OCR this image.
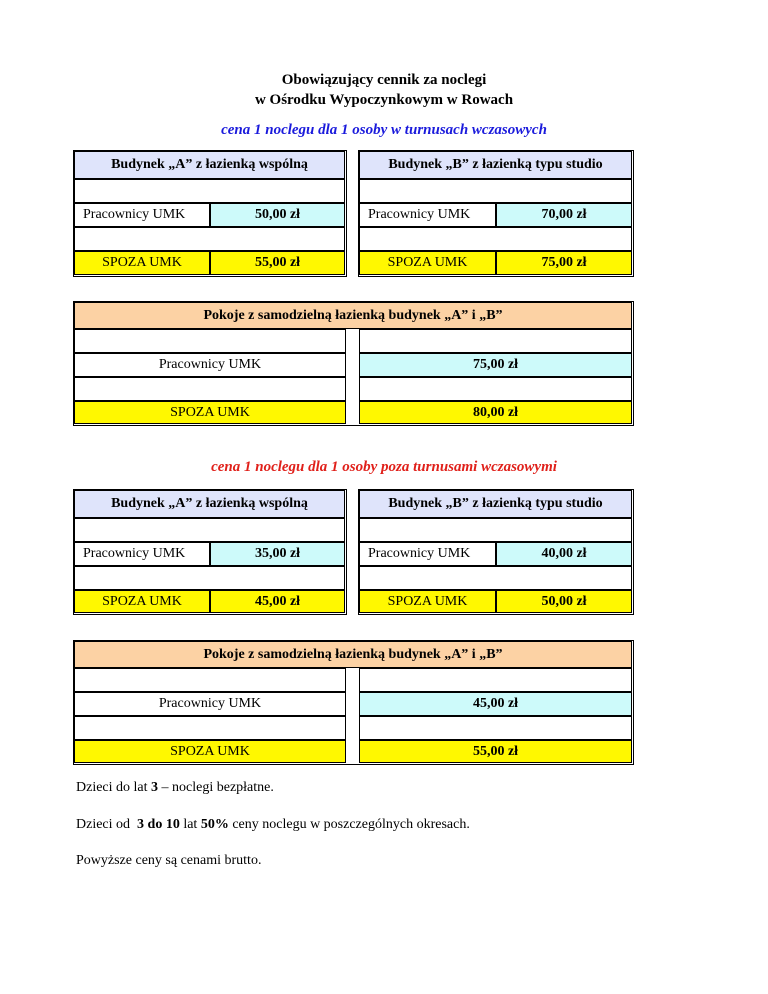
Obowiązujący cennik za noclegi
w Ośrodku Wypoczynkowym w Rowach
cena 1 noclegu dla 1 osoby w turnusach wczasowych
Budynek „A” z łazienką wspólną
Pracownicy UMK	50,00 zł
SPOZA UMK	55,00 zł
Budynek „B” z łazienką typu studio
Pracownicy UMK	70,00 zł
SPOZA UMK	75,00 zł
Pokoje z samodzielną łazienką budynek „A” i „B”
Pracownicy UMK	75,00 zł
SPOZA UMK	80,00 zł
cena 1 noclegu dla 1 osoby poza turnusami wczasowymi
Budynek „A” z łazienką wspólną
Pracownicy UMK	35,00 zł
SPOZA UMK	45,00 zł
Budynek „B” z łazienką typu studio
Pracownicy UMK	40,00 zł
SPOZA UMK	50,00 zł
Pokoje z samodzielną łazienką budynek „A” i „B”
Pracownicy UMK	45,00 zł
SPOZA UMK	55,00 zł
Dzieci do lat 3 – noclegi bezpłatne.
Dzieci od  3 do 10 lat 50% ceny noclegu w poszczególnych okresach.
Powyższe ceny są cenami brutto.
